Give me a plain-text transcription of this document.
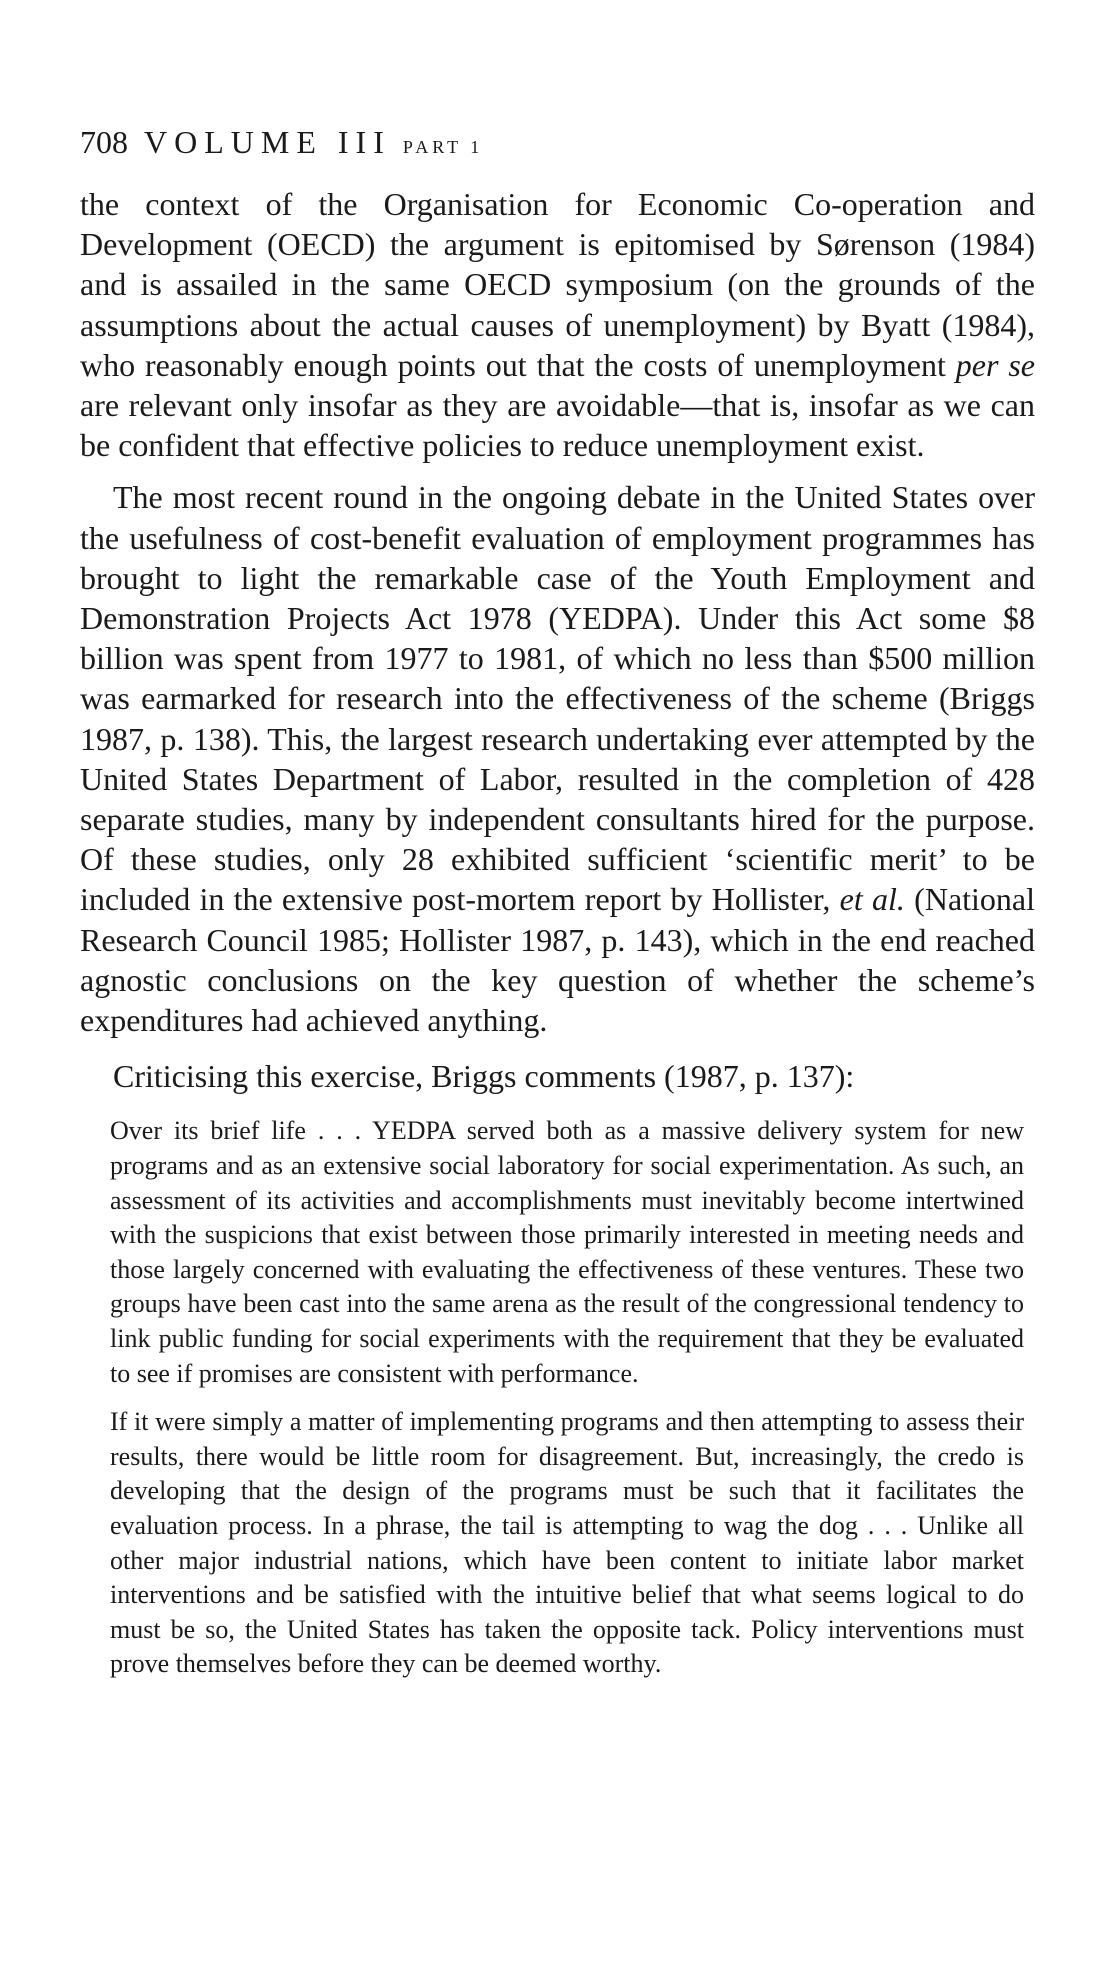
708 VOLUME III PART 1

the context of the Organisation for Economic Co-operation and Development (OECD) the argument is epitomised by Sørenson (1984) and is assailed in the same OECD symposium (on the grounds of the assumptions about the actual causes of unemployment) by Byatt (1984), who reasonably enough points out that the costs of unemployment per se are relevant only insofar as they are avoidable—that is, insofar as we can be confident that effective policies to reduce unemployment exist.

The most recent round in the ongoing debate in the United States over the usefulness of cost-benefit evaluation of employment programmes has brought to light the remarkable case of the Youth Employment and Demonstration Projects Act 1978 (YEDPA). Under this Act some $8 billion was spent from 1977 to 1981, of which no less than $500 million was earmarked for research into the effectiveness of the scheme (Briggs 1987, p. 138). This, the largest research undertaking ever attempted by the United States Department of Labor, resulted in the completion of 428 separate studies, many by independent consultants hired for the purpose. Of these studies, only 28 exhibited sufficient ‘scientific merit’ to be included in the extensive post-mortem report by Hollister, et al. (National Research Council 1985; Hollister 1987, p. 143), which in the end reached agnostic conclusions on the key question of whether the scheme’s expenditures had achieved anything.

Criticising this exercise, Briggs comments (1987, p. 137):

Over its brief life . . . YEDPA served both as a massive delivery system for new programs and as an extensive social laboratory for social experimentation. As such, an assessment of its activities and accomplishments must inevitably become intertwined with the suspicions that exist between those primarily interested in meeting needs and those largely concerned with evaluating the effectiveness of these ventures. These two groups have been cast into the same arena as the result of the congressional tendency to link public funding for social experiments with the requirement that they be evaluated to see if promises are consistent with performance.

If it were simply a matter of implementing programs and then attempting to assess their results, there would be little room for disagreement. But, increasingly, the credo is developing that the design of the programs must be such that it facilitates the evaluation process. In a phrase, the tail is attempting to wag the dog . . . Unlike all other major industrial nations, which have been content to initiate labor market interventions and be satisfied with the intuitive belief that what seems logical to do must be so, the United States has taken the opposite tack. Policy interventions must prove themselves before they can be deemed worthy.
